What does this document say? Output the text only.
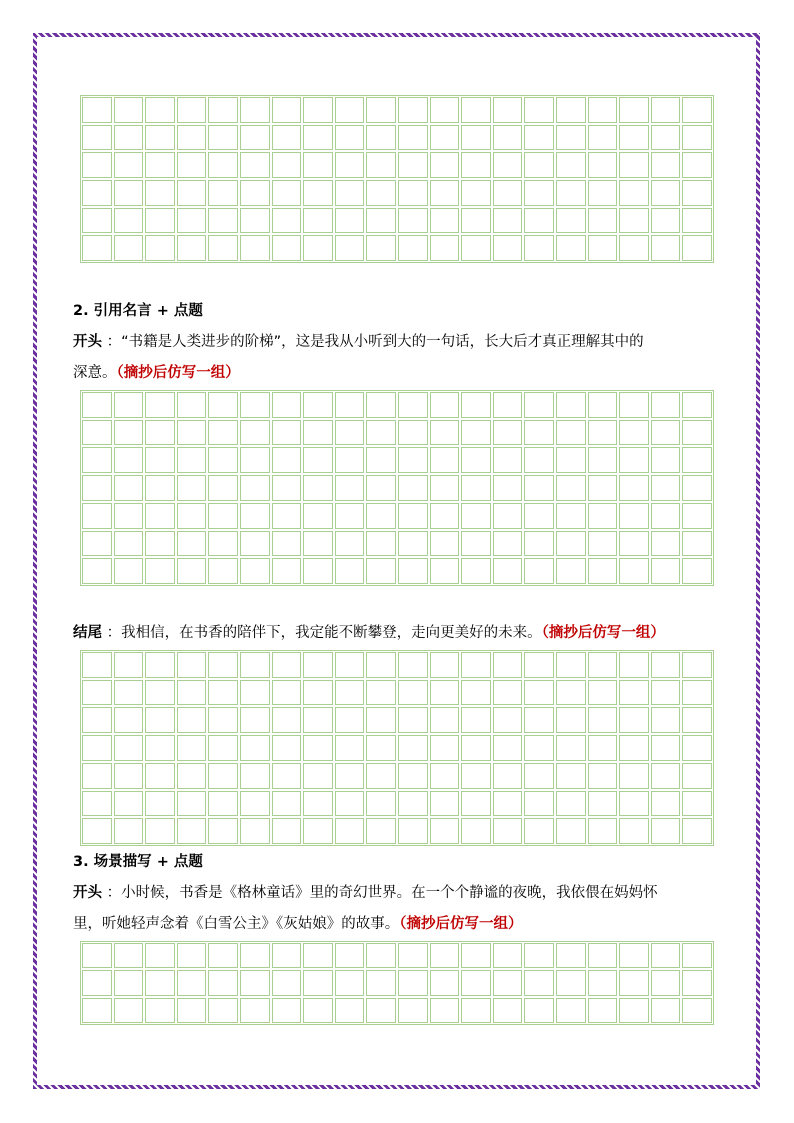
2. 引用名言 + 点题
开头 ：“书籍是人类进步的阶梯”，这是我从小听到大的一句话，长大后才真正理解其中的
深意。（摘抄后仿写一组）
结尾 ：我相信，在书香的陪伴下，我定能不断攀登，走向更美好的未来。（摘抄后仿写一组）
3. 场景描写 + 点题
开头 ：小时候，书香是《格林童话》里的奇幻世界。在一个个静谧的夜晚，我依偎在妈妈怀
里，听她轻声念着《白雪公主》《灰姑娘》的故事。（摘抄后仿写一组）
